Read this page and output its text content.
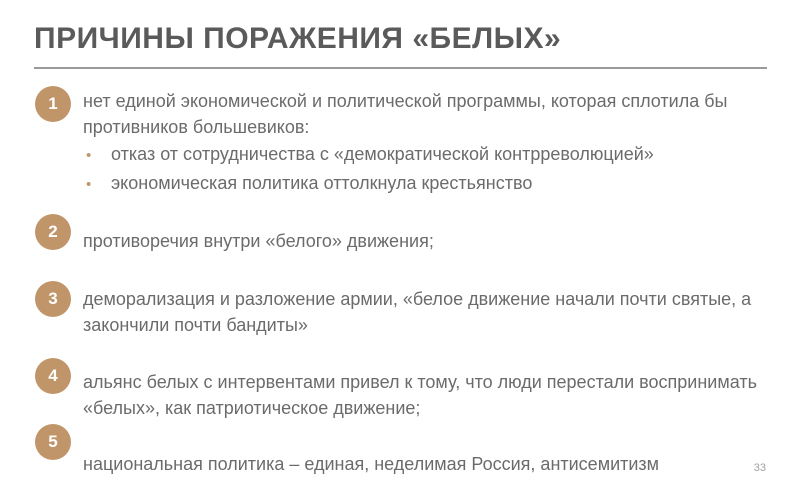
ПРИЧИНЫ ПОРАЖЕНИЯ «БЕЛЫХ»
1	нет единой экономической и политической программы, которая сплотила бы противников большевиков:
• отказ от сотрудничества с «демократической контрреволюцией»
• экономическая политика оттолкнула крестьянство
2	противоречия внутри «белого» движения;
3	деморализация и разложение армии, «белое движение начали почти святые, а закончили почти бандиты»
4	альянс белых с интервентами привел к тому, что люди перестали воспринимать «белых», как патриотическое движение;
5
национальная политика – единая, неделимая Россия, антисемитизм	33
